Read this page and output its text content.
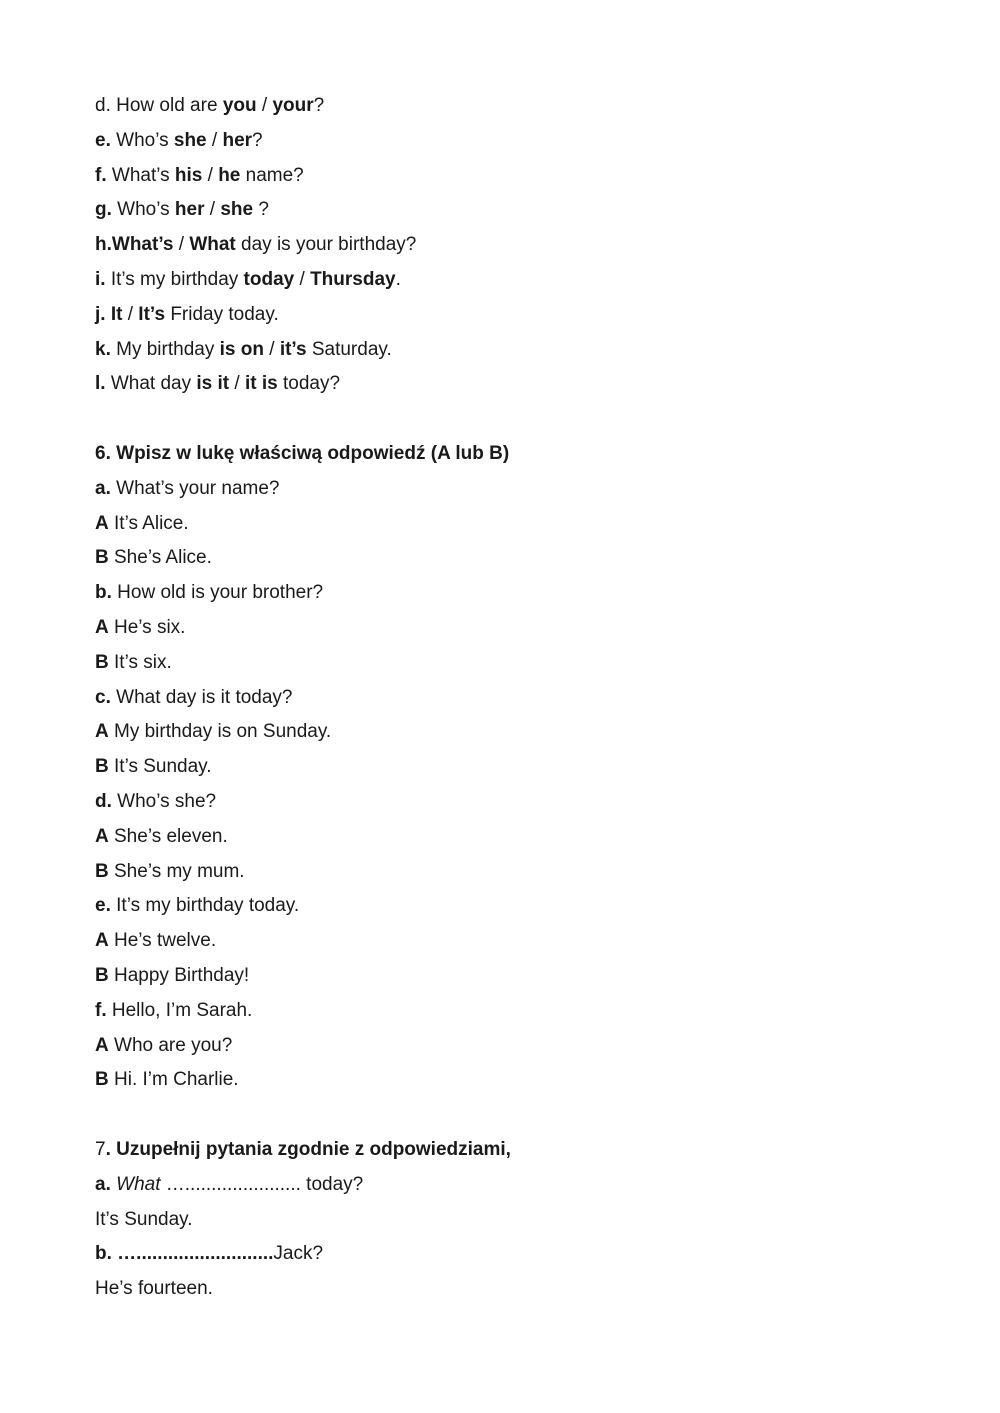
d. How old are you / your?
e. Who’s she / her?
f. What’s his / he name?
g. Who’s her / she ?
h.What’s / What day is your birthday?
i. It’s my birthday today / Thursday.
j. It / It’s Friday today.
k. My birthday is on / it’s Saturday.
l. What day is it / it is today?
6. Wpisz w lukę właściwą odpowiedź (A lub B)
a. What’s your name?
A It’s Alice.
B She’s Alice.
b. How old is your brother?
A He’s six.
B It’s six.
c. What day is it today?
A My birthday is on Sunday.
B It’s Sunday.
d. Who’s she?
A She’s eleven.
B She’s my mum.
e. It’s my birthday today.
A He’s twelve.
B Happy Birthday!
f. Hello, I’m Sarah.
A Who are you?
B Hi. I’m Charlie.
7. Uzupełnij pytania zgodnie z odpowiedziami,
a. What …...................... today?
It’s Sunday.
b. …..........................Jack?
He’s fourteen.
